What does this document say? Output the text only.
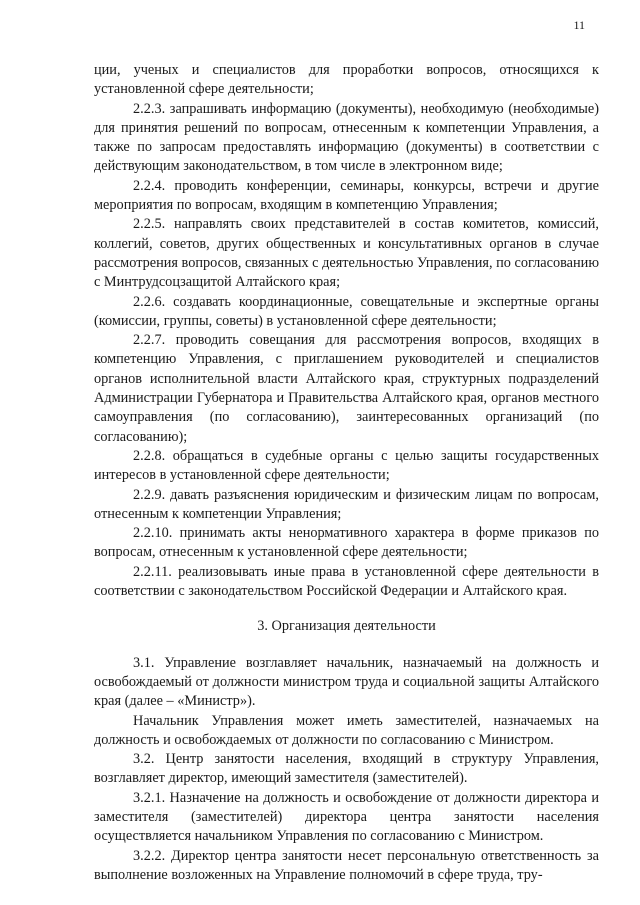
11

ции, ученых и специалистов для проработки вопросов, относящихся к установленной сфере деятельности;

2.2.3. запрашивать информацию (документы), необходимую (необходимые) для принятия решений по вопросам, отнесенным к компетенции Управления, а также по запросам предоставлять информацию (документы) в соответствии с действующим законодательством, в том числе в электронном виде;

2.2.4. проводить конференции, семинары, конкурсы, встречи и другие мероприятия по вопросам, входящим в компетенцию Управления;

2.2.5. направлять своих представителей в состав комитетов, комиссий, коллегий, советов, других общественных и консультативных органов в случае рассмотрения вопросов, связанных с деятельностью Управления, по согласованию с Минтрудсоцзащитой Алтайского края;

2.2.6. создавать координационные, совещательные и экспертные органы (комиссии, группы, советы) в установленной сфере деятельности;

2.2.7. проводить совещания для рассмотрения вопросов, входящих в компетенцию Управления, с приглашением руководителей и специалистов органов исполнительной власти Алтайского края, структурных подразделений Администрации Губернатора и Правительства Алтайского края, органов местного самоуправления (по согласованию), заинтересованных организаций (по согласованию);

2.2.8. обращаться в судебные органы с целью защиты государственных интересов в установленной сфере деятельности;

2.2.9. давать разъяснения юридическим и физическим лицам по вопросам, отнесенным к компетенции Управления;

2.2.10. принимать акты ненормативного характера в форме приказов по вопросам, отнесенным к установленной сфере деятельности;

2.2.11. реализовывать иные права в установленной сфере деятельности в соответствии с законодательством Российской Федерации и Алтайского края.

3. Организация деятельности

3.1. Управление возглавляет начальник, назначаемый на должность и освобождаемый от должности министром труда и социальной защиты Алтайского края (далее – «Министр»).

Начальник Управления может иметь заместителей, назначаемых на должность и освобождаемых от должности по согласованию с Министром.

3.2. Центр занятости населения, входящий в структуру Управления, возглавляет директор, имеющий заместителя (заместителей).

3.2.1. Назначение на должность и освобождение от должности директора и заместителя (заместителей) директора центра занятости населения осуществляется начальником Управления по согласованию с Министром.

3.2.2. Директор центра занятости несет персональную ответственность за выполнение возложенных на Управление полномочий в сфере труда, тру-
